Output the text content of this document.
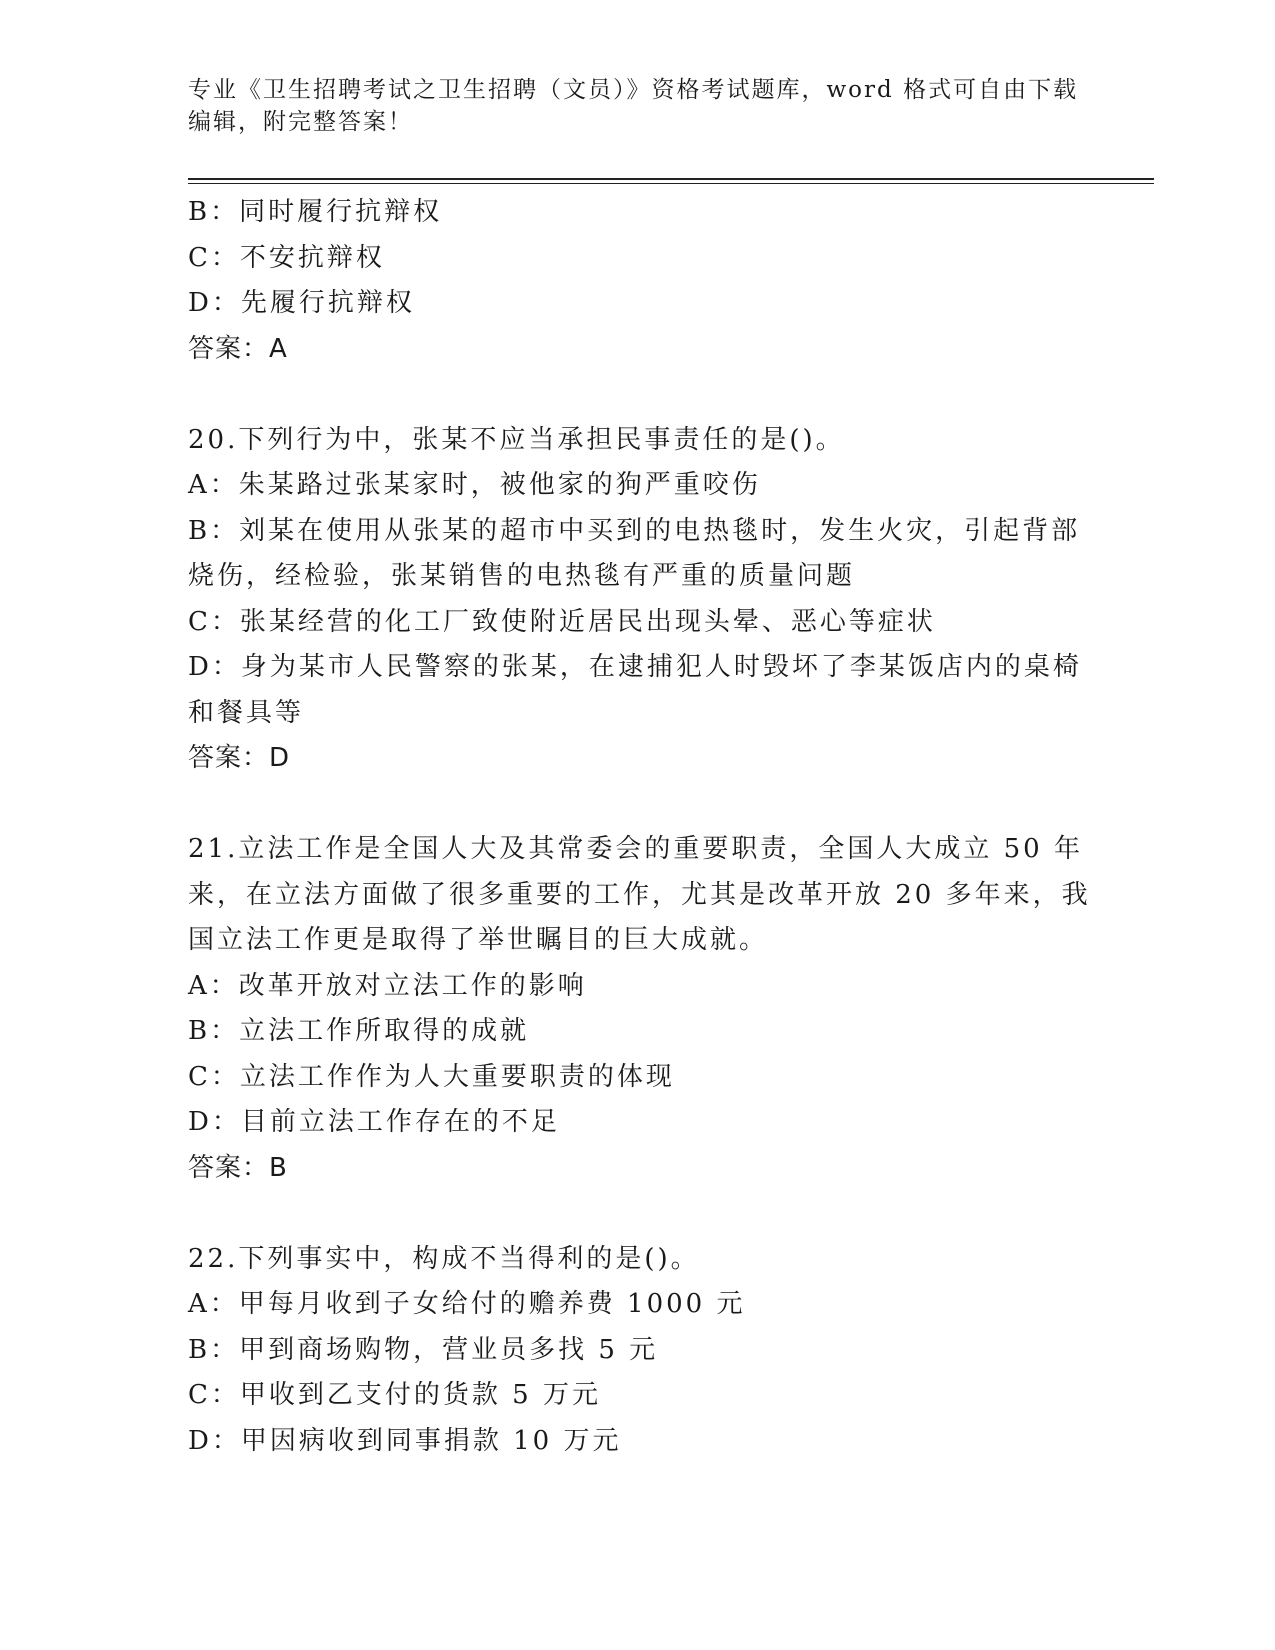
专业《卫生招聘考试之卫生招聘（文员）》资格考试题库，word 格式可自由下载
编辑，附完整答案！
B：同时履行抗辩权
C：不安抗辩权
D：先履行抗辩权
答案：A
20.下列行为中，张某不应当承担民事责任的是()。
A：朱某路过张某家时，被他家的狗严重咬伤
B：刘某在使用从张某的超市中买到的电热毯时，发生火灾，引起背部
烧伤，经检验，张某销售的电热毯有严重的质量问题
C：张某经营的化工厂致使附近居民出现头晕、恶心等症状
D：身为某市人民警察的张某，在逮捕犯人时毁坏了李某饭店内的桌椅
和餐具等
答案：D
21.立法工作是全国人大及其常委会的重要职责，全国人大成立 50 年
来，在立法方面做了很多重要的工作，尤其是改革开放 20 多年来，我
国立法工作更是取得了举世瞩目的巨大成就。
A：改革开放对立法工作的影响
B：立法工作所取得的成就
C：立法工作作为人大重要职责的体现
D：目前立法工作存在的不足
答案：B
22.下列事实中，构成不当得利的是()。
A：甲每月收到子女给付的赡养费 1000 元
B：甲到商场购物，营业员多找 5 元
C：甲收到乙支付的货款 5 万元
D：甲因病收到同事捐款 10 万元
